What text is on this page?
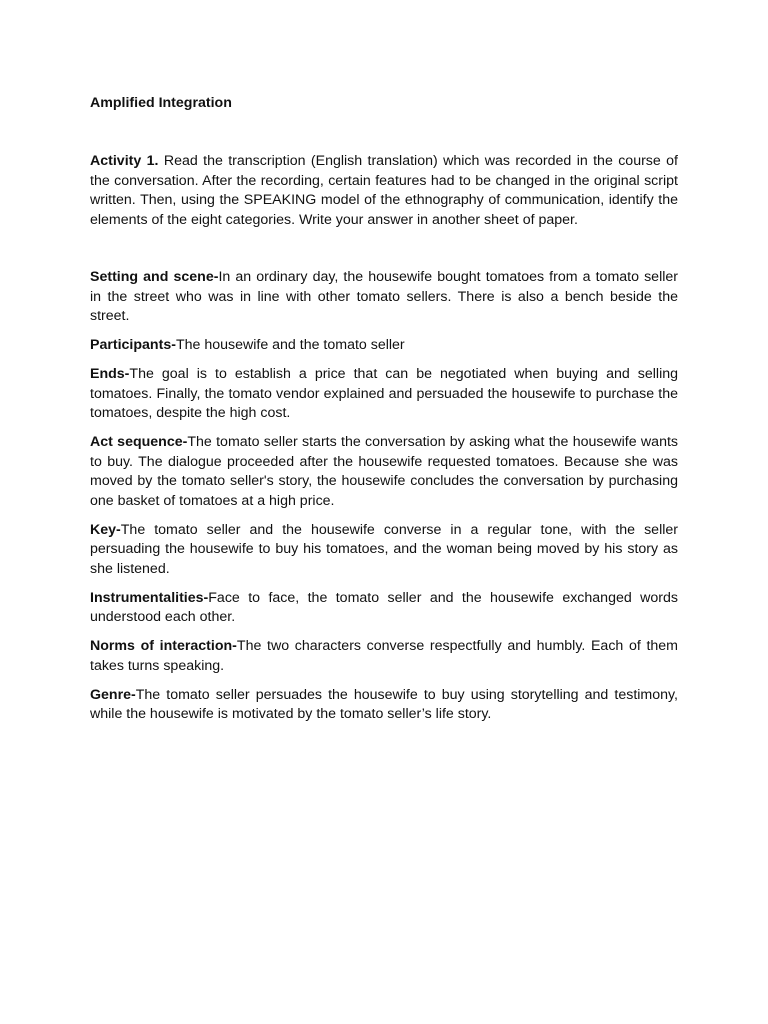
Amplified Integration

Activity 1. Read the transcription (English translation) which was recorded in the course of the conversation. After the recording, certain features had to be changed in the original script written. Then, using the SPEAKING model of the ethnography of communication, identify the elements of the eight categories. Write your answer in another sheet of paper.

Setting and scene-In an ordinary day, the housewife bought tomatoes from a tomato seller in the street who was in line with other tomato sellers. There is also a bench beside the street.

Participants-The housewife and the tomato seller

Ends-The goal is to establish a price that can be negotiated when buying and selling tomatoes. Finally, the tomato vendor explained and persuaded the housewife to purchase the tomatoes, despite the high cost.

Act sequence-The tomato seller starts the conversation by asking what the housewife wants to buy. The dialogue proceeded after the housewife requested tomatoes. Because she was moved by the tomato seller's story, the housewife concludes the conversation by purchasing one basket of tomatoes at a high price.

Key-The tomato seller and the housewife converse in a regular tone, with the seller persuading the housewife to buy his tomatoes, and the woman being moved by his story as she listened.

Instrumentalities-Face to face, the tomato seller and the housewife exchanged words understood each other.

Norms of interaction-The two characters converse respectfully and humbly. Each of them takes turns speaking.

Genre-The tomato seller persuades the housewife to buy using storytelling and testimony, while the housewife is motivated by the tomato seller’s life story.
